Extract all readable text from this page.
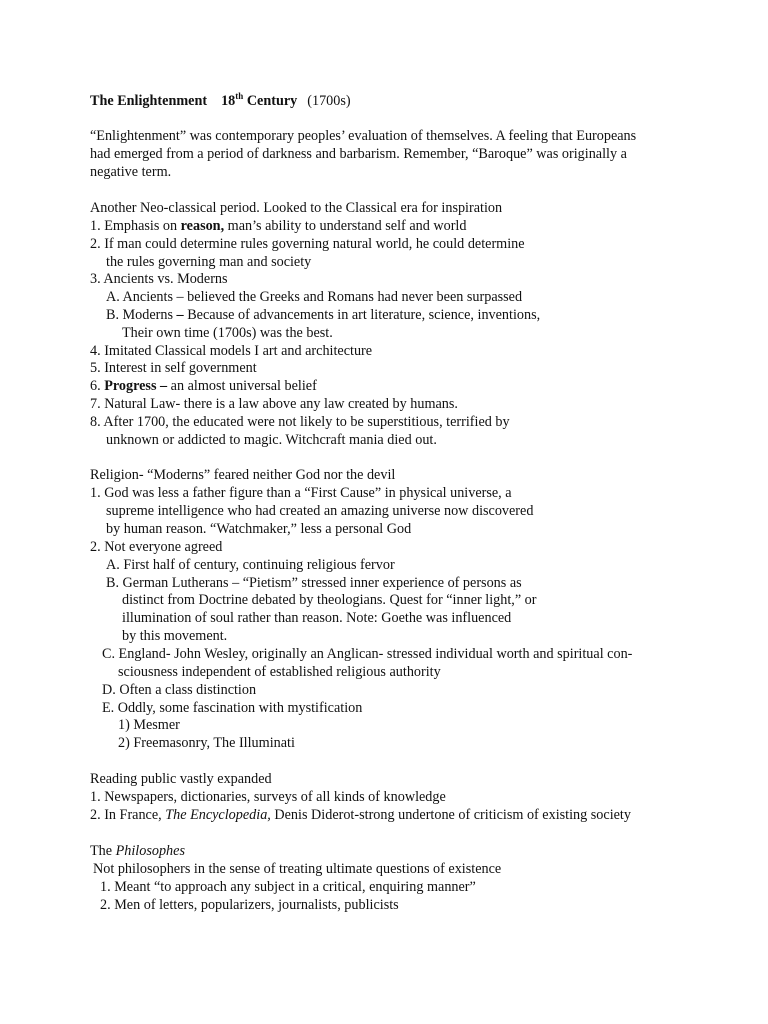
The Enlightenment 18th Century (1700s)
“Enlightenment” was contemporary peoples’ evaluation of themselves. A feeling that Europeans
had emerged from a period of darkness and barbarism. Remember, “Baroque” was originally a
negative term.
Another Neo-classical period. Looked to the Classical era for inspiration
1. Emphasis on reason, man’s ability to understand self and world
2. If man could determine rules governing natural world, he could determine
the rules governing man and society
3. Ancients vs. Moderns
A. Ancients – believed the Greeks and Romans had never been surpassed
B. Moderns – Because of advancements in art literature, science, inventions,
Their own time (1700s) was the best.
4. Imitated Classical models I art and architecture
5. Interest in self government
6. Progress – an almost universal belief
7. Natural Law- there is a law above any law created by humans.
8. After 1700, the educated were not likely to be superstitious, terrified by
unknown or addicted to magic. Witchcraft mania died out.
Religion- “Moderns” feared neither God nor the devil
1. God was less a father figure than a “First Cause” in physical universe, a
supreme intelligence who had created an amazing universe now discovered
by human reason. “Watchmaker,” less a personal God
2. Not everyone agreed
A. First half of century, continuing religious fervor
B. German Lutherans – “Pietism” stressed inner experience of persons as
distinct from Doctrine debated by theologians. Quest for “inner light,” or
illumination of soul rather than reason. Note: Goethe was influenced
by this movement.
C. England- John Wesley, originally an Anglican- stressed individual worth and spiritual con-
sciousness independent of established religious authority
D. Often a class distinction
E. Oddly, some fascination with mystification
1) Mesmer
2) Freemasonry, The Illuminati
Reading public vastly expanded
1. Newspapers, dictionaries, surveys of all kinds of knowledge
2. In France, The Encyclopedia, Denis Diderot-strong undertone of criticism of existing society
The Philosophes
Not philosophers in the sense of treating ultimate questions of existence
1. Meant “to approach any subject in a critical, enquiring manner”
2. Men of letters, popularizers, journalists, publicists
